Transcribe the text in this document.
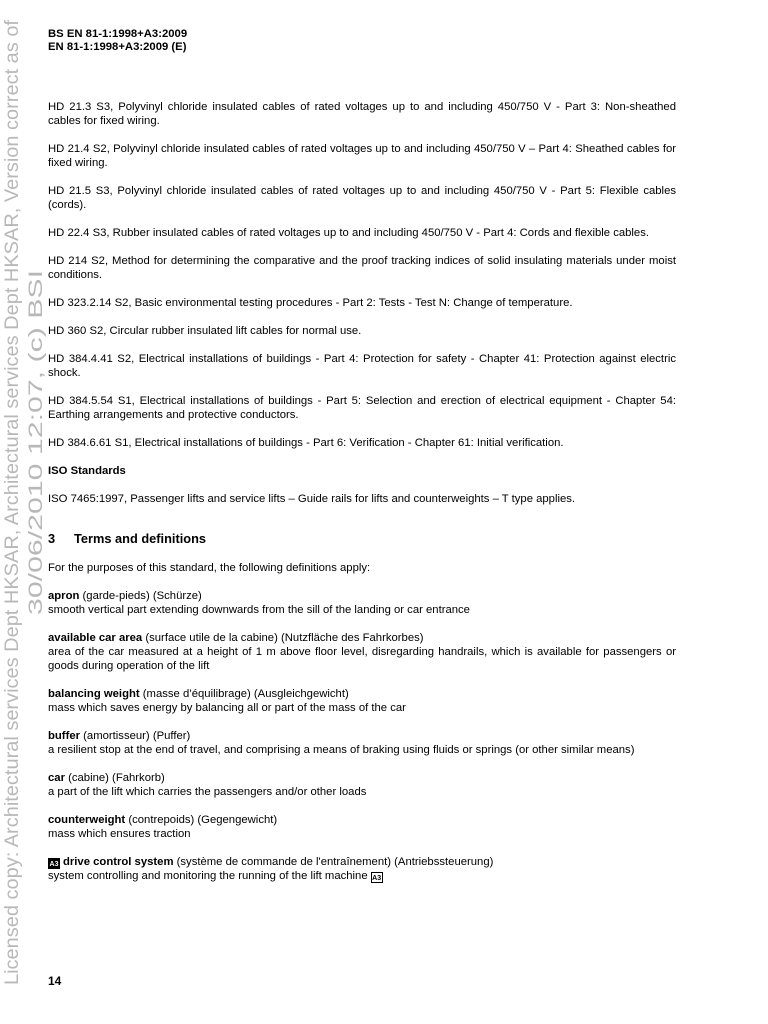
Licensed copy: Architectural services Dept HKSAR, Architectural services Dept HKSAR, Version correct as of 30/06/2010 12:07, (c) BSI
BS EN 81-1:1998+A3:2009
EN 81-1:1998+A3:2009 (E)

HD 21.3 S3, Polyvinyl chloride insulated cables of rated voltages up to and including 450/750 V - Part 3: Non-sheathed cables for fixed wiring.

HD 21.4 S2, Polyvinyl chloride insulated cables of rated voltages up to and including 450/750 V – Part 4: Sheathed cables for fixed wiring.

HD 21.5 S3, Polyvinyl chloride insulated cables of rated voltages up to and including 450/750 V - Part 5: Flexible cables (cords).

HD 22.4 S3, Rubber insulated cables of rated voltages up to and including 450/750 V - Part 4: Cords and flexible cables.

HD 214 S2, Method for determining the comparative and the proof tracking indices of solid insulating materials under moist conditions.

HD 323.2.14 S2, Basic environmental testing procedures - Part 2: Tests - Test N: Change of temperature.

HD 360 S2, Circular rubber insulated lift cables for normal use.

HD 384.4.41 S2, Electrical installations of buildings - Part 4: Protection for safety - Chapter 41: Protection against electric shock.

HD 384.5.54 S1, Electrical installations of buildings - Part 5: Selection and erection of electrical equipment - Chapter 54: Earthing arrangements and protective conductors.

HD 384.6.61 S1, Electrical installations of buildings - Part 6: Verification - Chapter 61: Initial verification.

ISO Standards

ISO 7465:1997, Passenger lifts and service lifts – Guide rails for lifts and counterweights – T type applies.

3 Terms and definitions

For the purposes of this standard, the following definitions apply:

apron (garde-pieds) (Schürze)
smooth vertical part extending downwards from the sill of the landing or car entrance
available car area (surface utile de la cabine) (Nutzfläche des Fahrkorbes)
area of the car measured at a height of 1 m above floor level, disregarding handrails, which is available for passengers or goods during operation of the lift
balancing weight (masse d’équilibrage) (Ausgleichgewicht)
mass which saves energy by balancing all or part of the mass of the car
buffer (amortisseur) (Puffer)
a resilient stop at the end of travel, and comprising a means of braking using fluids or springs (or other similar means)
car (cabine) (Fahrkorb)
a part of the lift which carries the passengers and/or other loads
counterweight (contrepoids) (Gegengewicht)
mass which ensures traction
A3 drive control system (système de commande de l'entraînement) (Antriebssteuerung)
system controlling and monitoring the running of the lift machine A3
14
